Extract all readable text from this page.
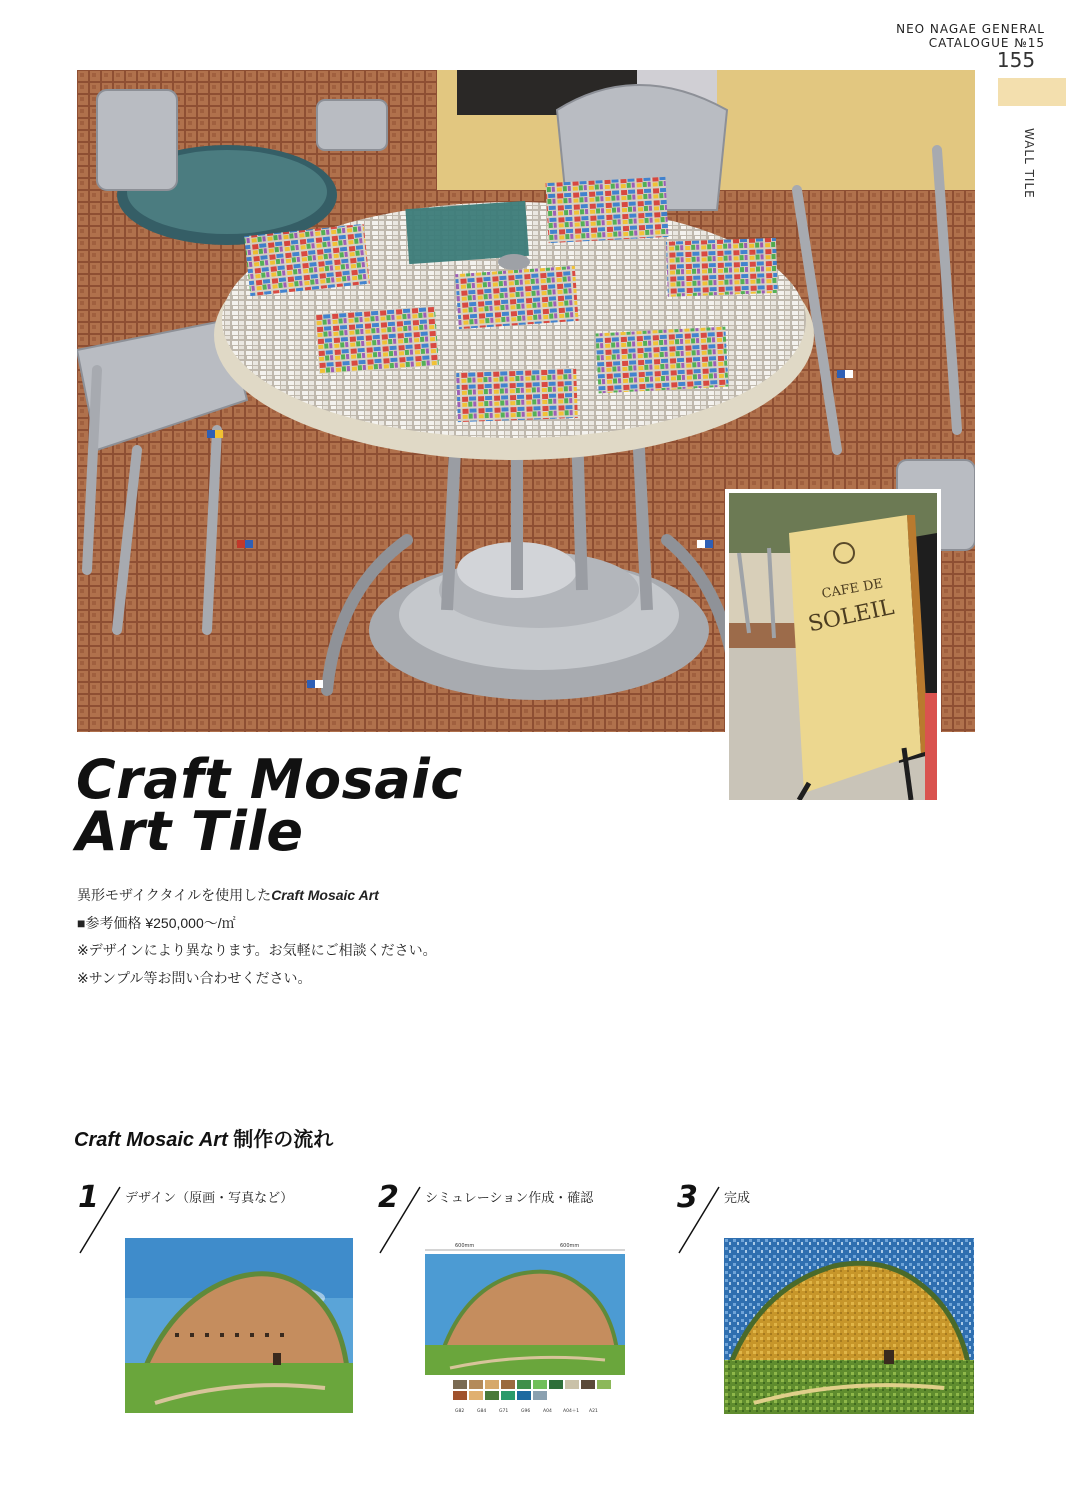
NEO NAGAE GENERAL CATALOGUE №15
155
WALL TILE
CAFE DE
SOLEIL
Craft Mosaic
Art Tile
異形モザイクタイルを使用したCraft Mosaic Art
■参考価格 ¥250,000～/㎡
※デザインにより異なります。お気軽にご相談ください。
※サンプル等お問い合わせください。
Craft Mosaic Art 制作の流れ
1 デザイン（原画・写真など）	2 シミュレーション作成・確認
600mm	600mm
G82	G84	G71	G96	A04 A04＋1 A21
3 完成
